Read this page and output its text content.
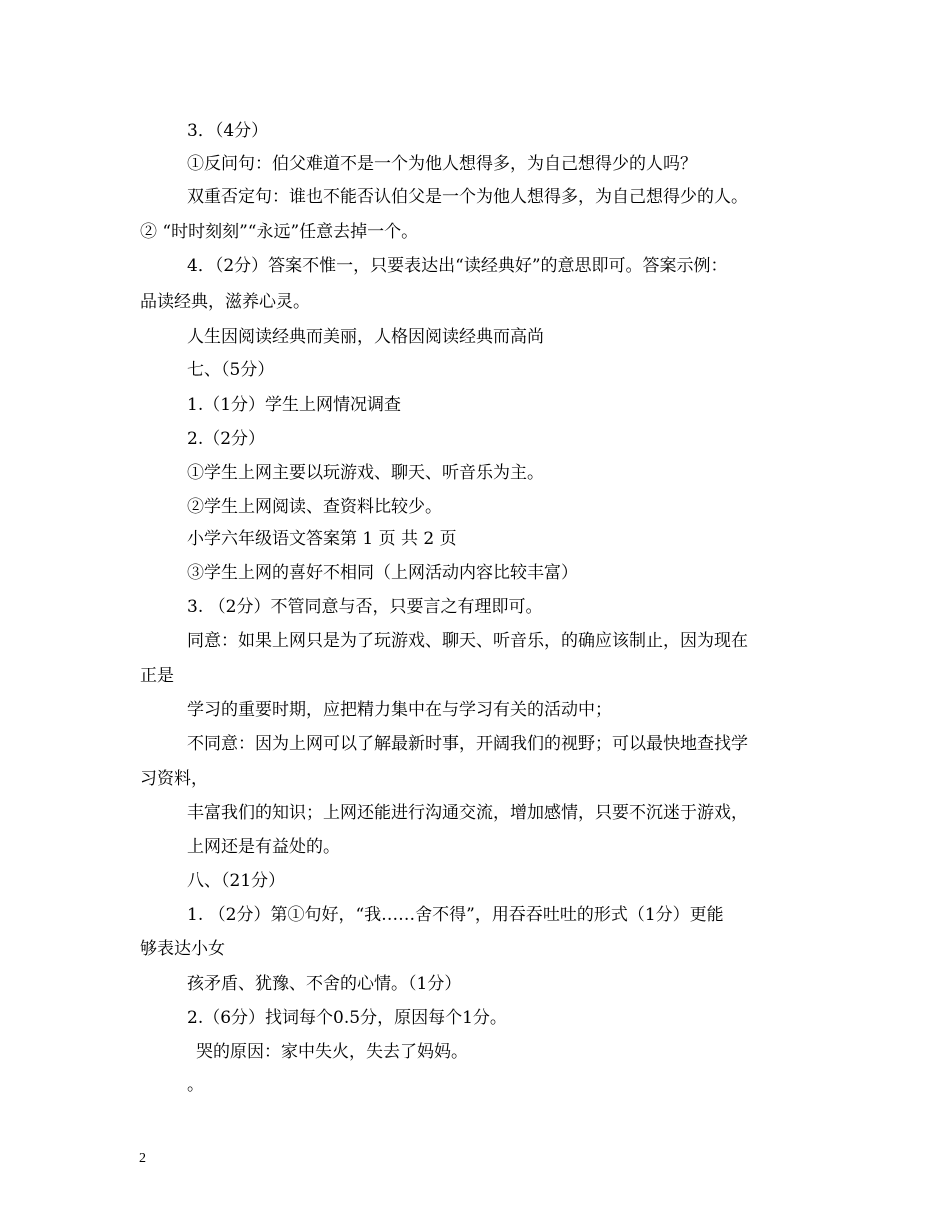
3．（4分）
①反问句：伯父难道不是一个为他人想得多，为自己想得少的人吗？
双重否定句：谁也不能否认伯父是一个为他人想得多，为自己想得少的人。
② “时时刻刻”“永远”任意去掉一个。
4．（2分）答案不惟一，只要表达出“读经典好”的意思即可。答案示例：
品读经典，滋养心灵。
人生因阅读经典而美丽，人格因阅读经典而高尚
七、（5分）
1.（1分）学生上网情况调查
2.（2分）
①学生上网主要以玩游戏、聊天、听音乐为主。
②学生上网阅读、查资料比较少。
小学六年级语文答案第 1 页 共 2 页
③学生上网的喜好不相同（上网活动内容比较丰富）
3. （2分）不管同意与否，只要言之有理即可。
同意：如果上网只是为了玩游戏、聊天、听音乐，的确应该制止，因为现在
正是
学习的重要时期，应把精力集中在与学习有关的活动中；
不同意：因为上网可以了解最新时事，开阔我们的视野；可以最快地查找学
习资料，
丰富我们的知识；上网还能进行沟通交流，增加感情，只要不沉迷于游戏，
上网还是有益处的。
八、（21分）
1. （2分）第①句好，“我……舍不得”，用吞吞吐吐的形式（1分）更能
够表达小女
孩矛盾、犹豫、不舍的心情。（1分）
2.（6分）找词每个0.5分，原因每个1分。
哭的原因：家中失火，失去了妈妈。
。
2
